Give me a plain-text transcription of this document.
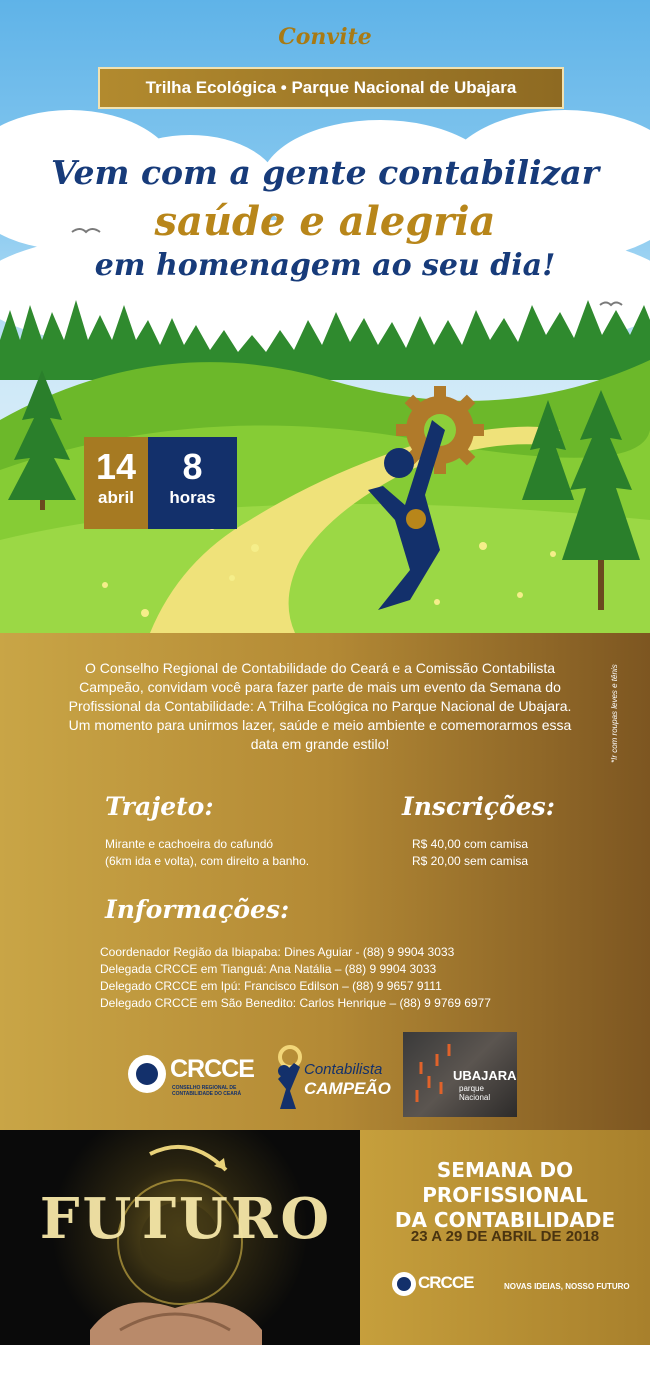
Convite
Trilha Ecológica • Parque Nacional de Ubajara
Vem com a gente contabilizar
saúde e alegria
em homenagem ao seu dia!
14
abril
8
horas

O Conselho Regional de Contabilidade do Ceará e a Comissão Contabilista Campeão, convidam você para fazer parte de mais um evento da Semana do Profissional da Contabilidade: A Trilha Ecológica no Parque Nacional de Ubajara. Um momento para unirmos lazer, saúde e meio ambiente e comemorarmos essa data em grande estilo!	*Ir com roupas leves e tênis
Trajeto:
Mirante e cachoeira do cafundó
(6km ida e volta), com direito a banho.
Inscrições:
R$ 40,00 com camisa
R$ 20,00 sem camisa
Informações:
Coordenador Região da Ibiapaba: Dines Aguiar - (88) 9 9904 3033
Delegada CRCCE em Tianguá: Ana Natália – (88) 9 9904 3033
Delegado CRCCE em Ipú: Francisco Edilson – (88) 9 9657 9111
Delegado CRCCE em São Benedito: Carlos Henrique – (88) 9 9769 6977
CRCCE
CONSELHO REGIONAL DE CONTABILIDADE DO CEARÁ
Contabilista
CAMPEÃO
UBAJARA
parque Nacional
FUTURO
SEMANA DO PROFISSIONAL
DA CONTABILIDADE
23 A 29 DE ABRIL DE 2018
CRCCE	NOVAS IDEIAS, NOSSO FUTURO
